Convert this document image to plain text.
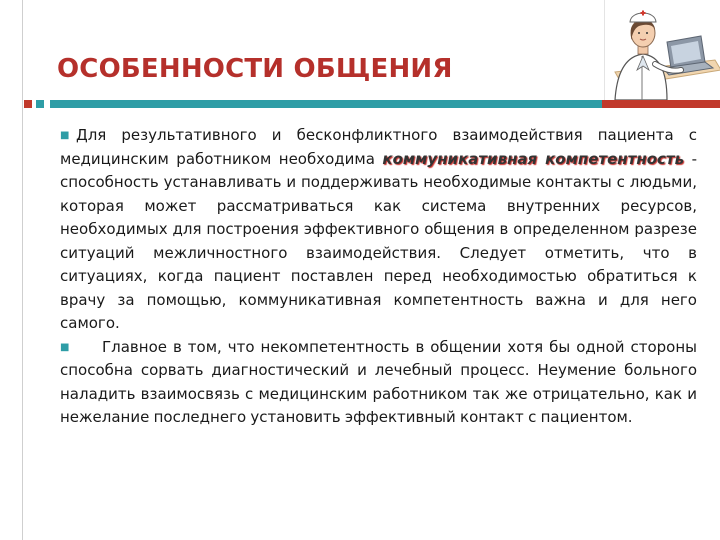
ОСОБЕННОСТИ ОБЩЕНИЯ

■ Для результативного и бесконфликтного взаимодействия пациента с медицинским работником необходима коммуникативная компетентность - способность устанавливать и поддерживать необходимые контакты с людьми, которая может рассматриваться как система внутренних ресурсов, необходимых для построения эффективного общения в определенном разрезе ситуаций межличностного взаимодействия. Следует отметить, что в ситуациях, когда пациент поставлен перед необходимостью обратиться к врачу за помощью, коммуникативная компетентность важна и для него самого.

■ Главное в том, что некомпетентность в общении хотя бы одной стороны способна сорвать диагностический и лечебный процесс. Неумение больного наладить взаимосвязь с медицинским работником так же отрицательно, как и нежелание последнего установить эффективный контакт с пациентом.
